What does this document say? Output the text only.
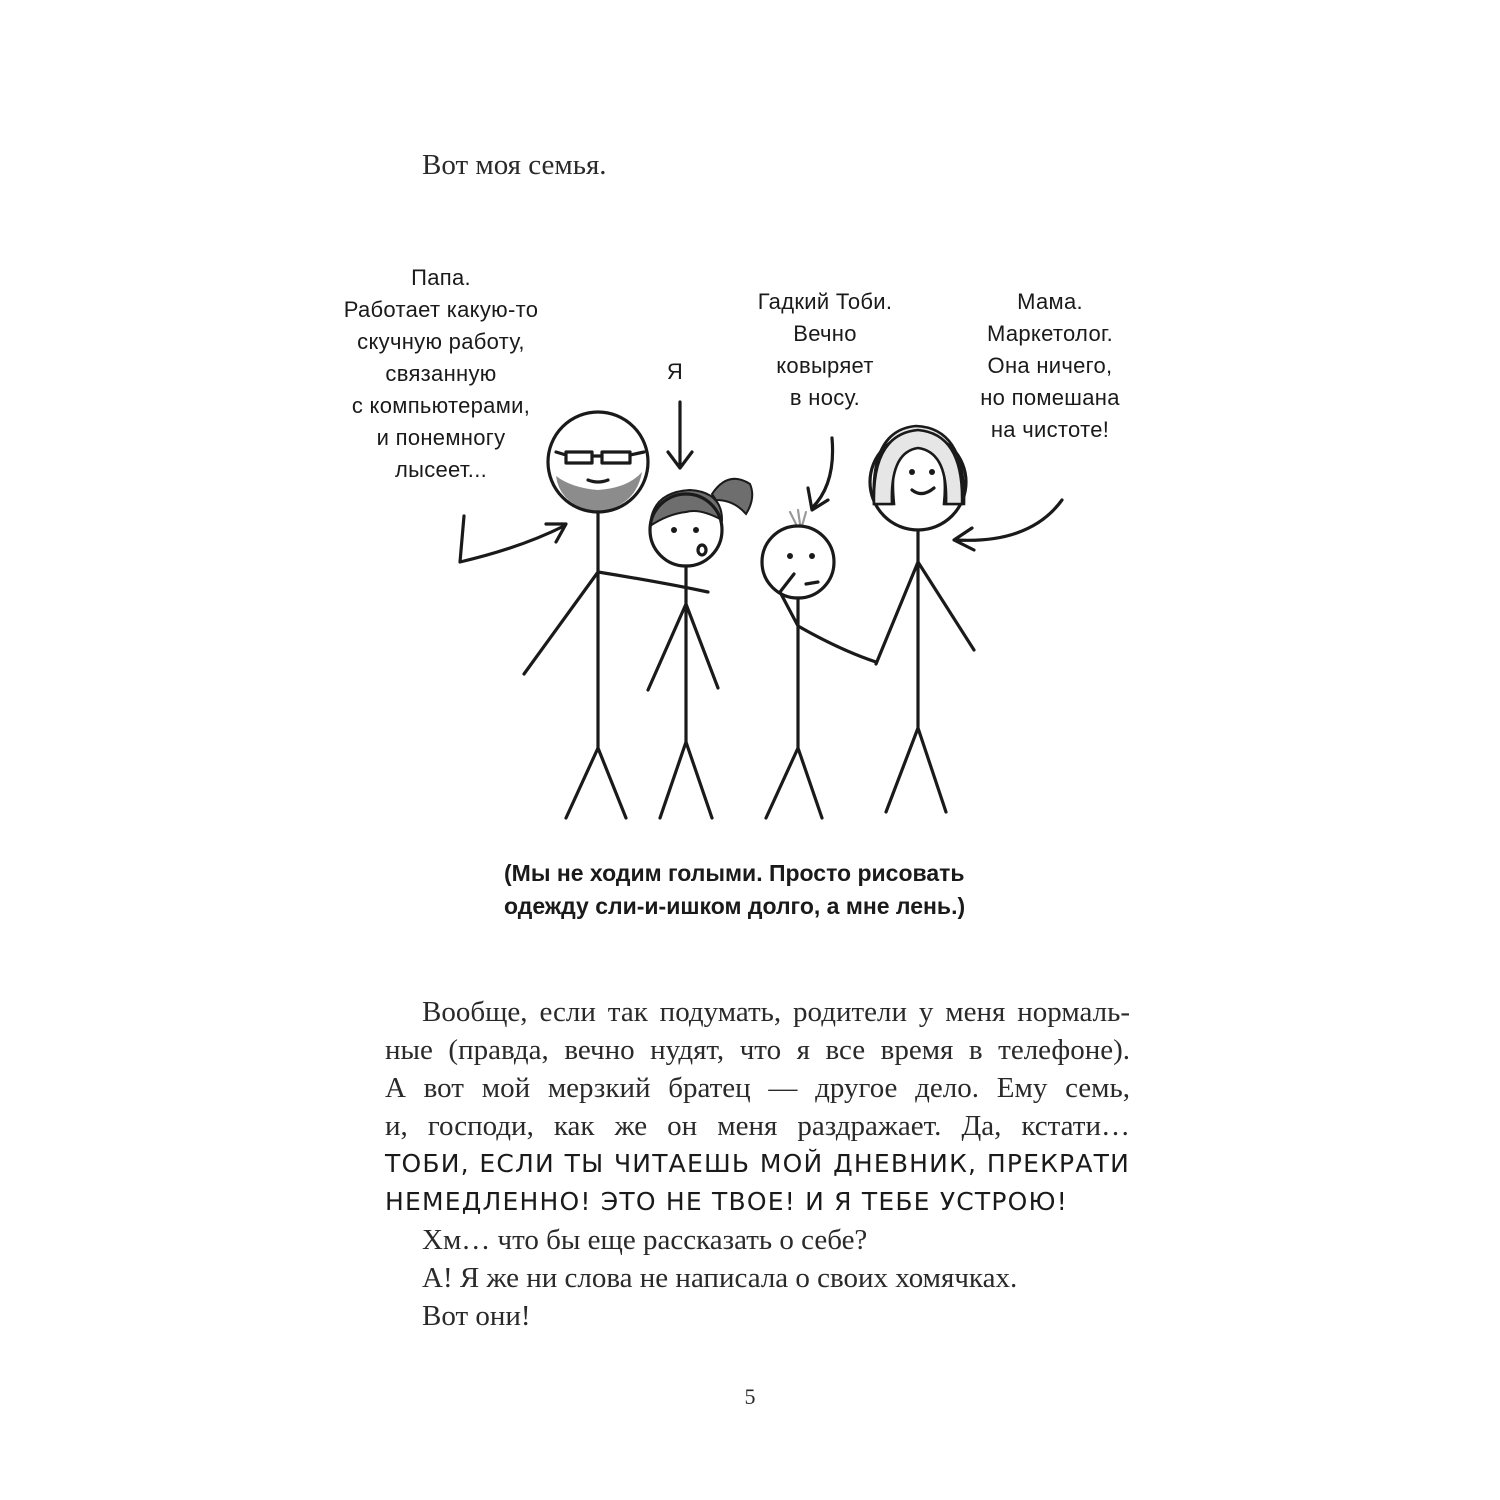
Вот моя семья.
Папа.
Работает какую-то
скучную работу,
связанную
с компьютерами,
и понемногу
лысеет...
Я
Гадкий Тоби.
Вечно
ковыряет
в носу.
Мама.
Маркетолог.
Она ничего,
но помешана
на чистоте!
(Мы не ходим голыми. Просто рисовать
одежду сли-и-ишком долго, а мне лень.)
Вообще, если так подумать, родители у меня нормаль-
ные (правда, вечно нудят, что я все время в телефоне).
А вот мой мерзкий братец — другое дело. Ему семь,
и, господи, как же он меня раздражает. Да, кстати…
ТОБИ, ЕСЛИ ТЫ ЧИТАЕШЬ МОЙ ДНЕВНИК, ПРЕКРАТИ
НЕМЕДЛЕННО! ЭТО НЕ ТВОЕ! И Я ТЕБЕ УСТРОЮ!
Хм… что бы еще рассказать о себе?
А! Я же ни слова не написала о своих хомячках.
Вот они!
5
